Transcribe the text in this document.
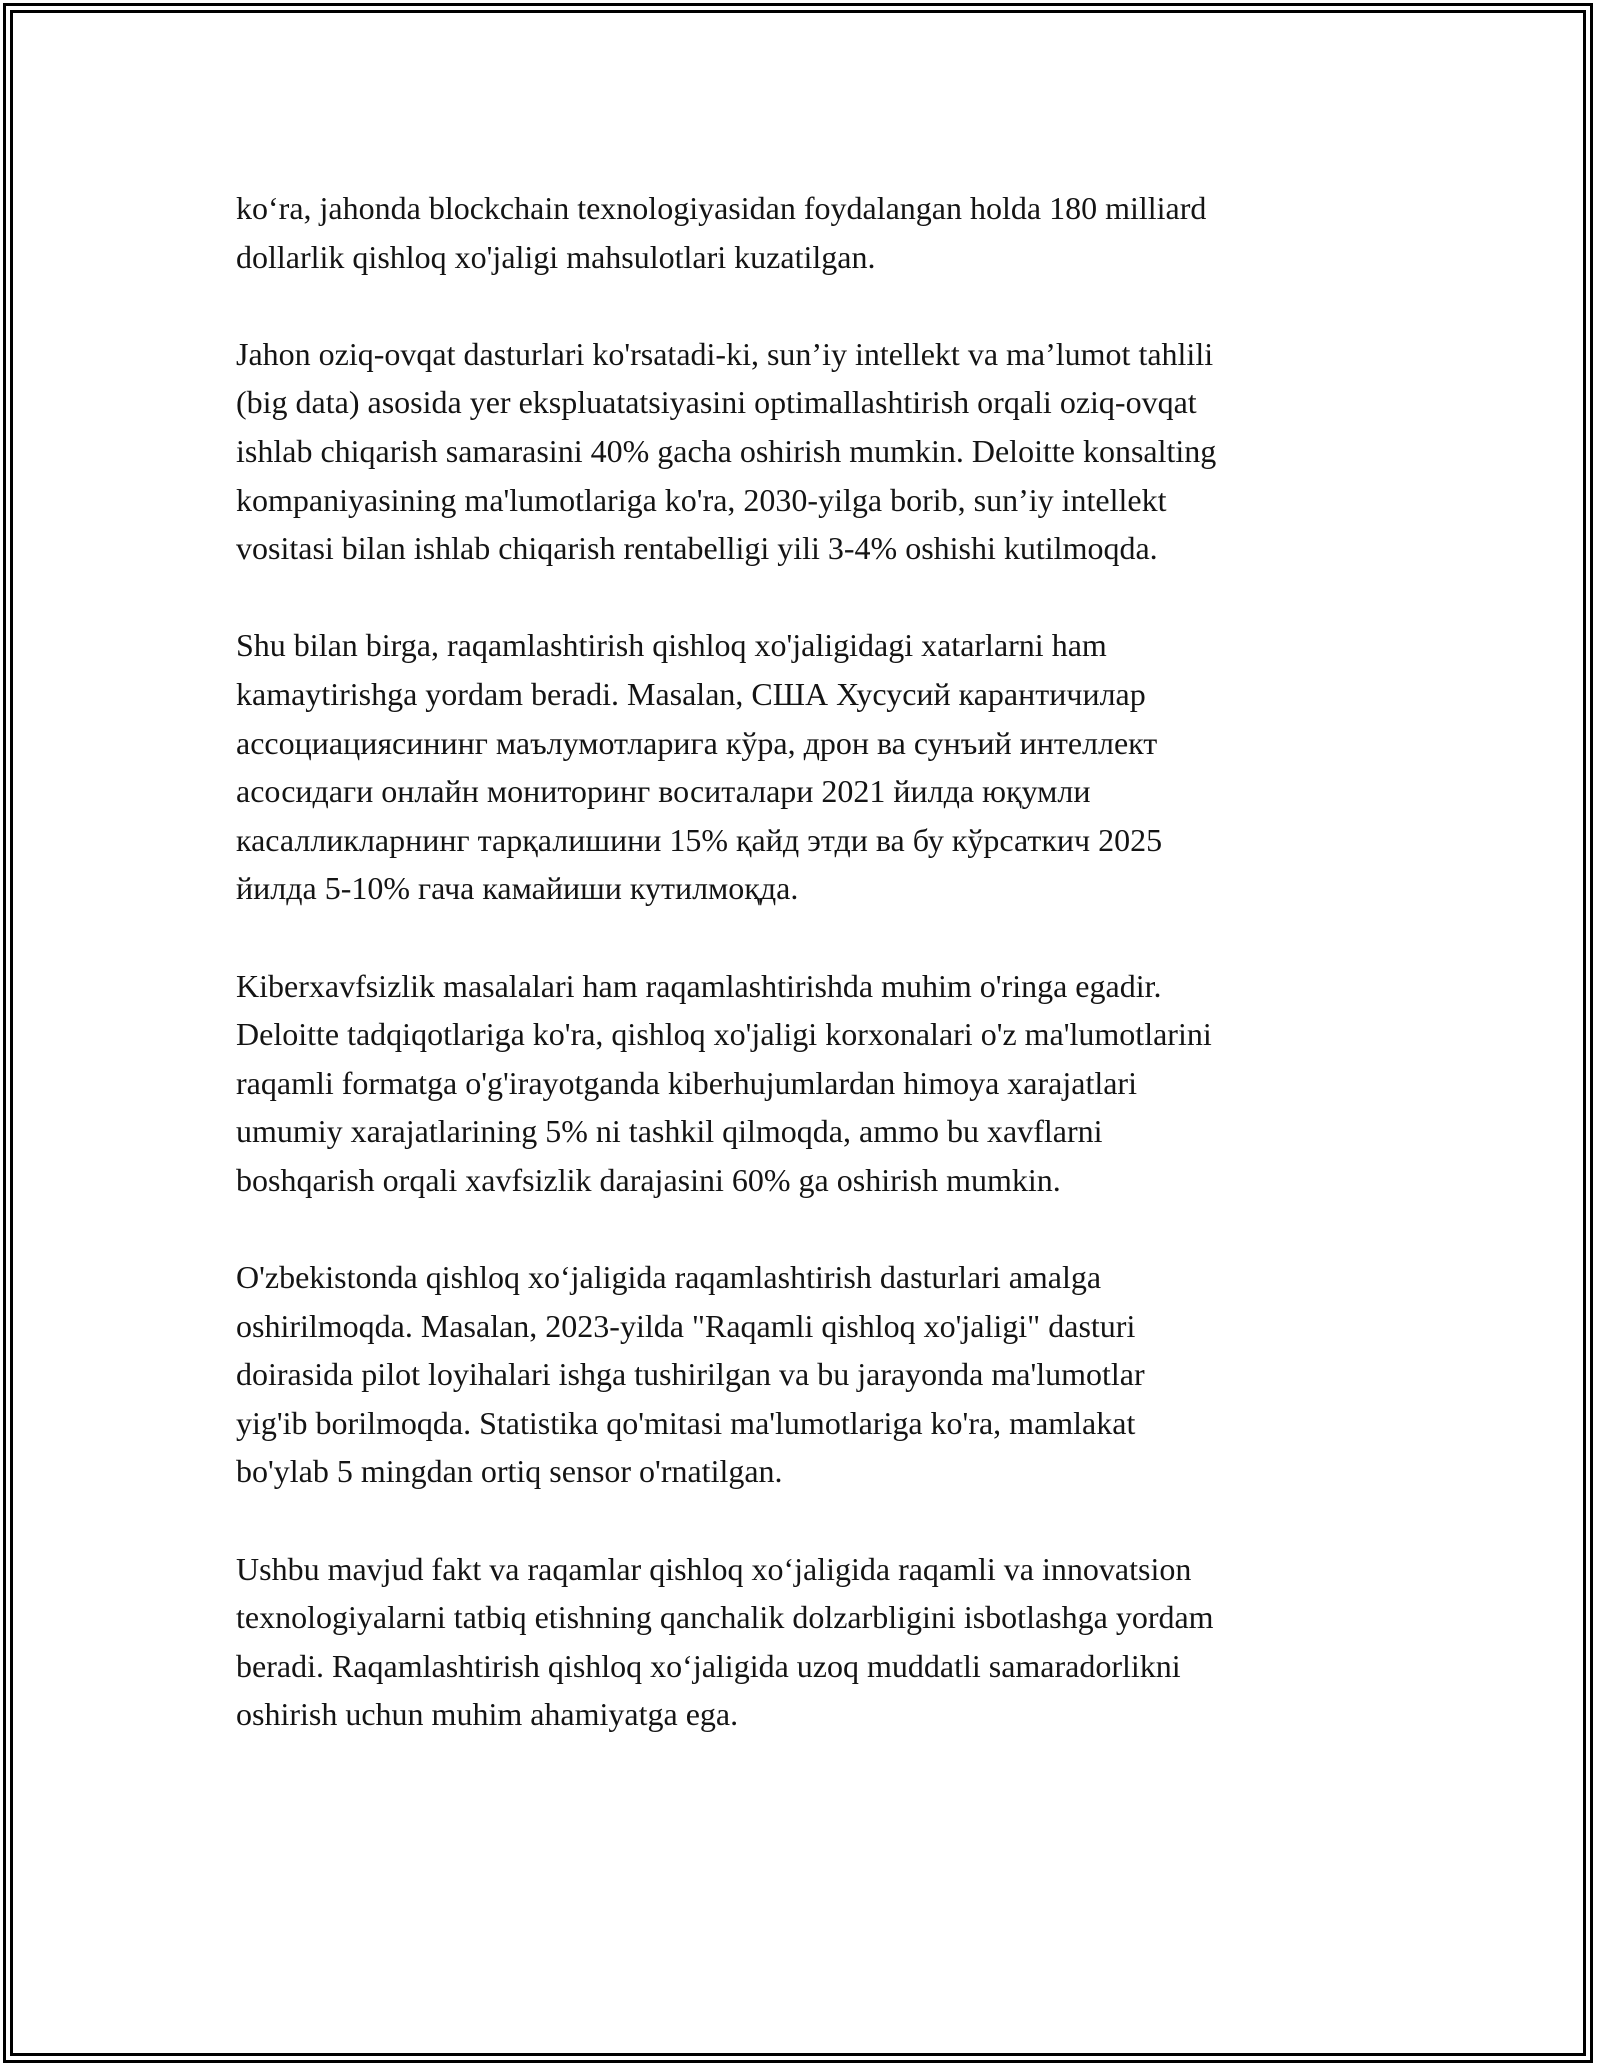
ko‘ra, jahonda blockchain texnologiyasidan foydalangan holda 180 milliard
dollarlik qishloq xo'jaligi mahsulotlari kuzatilgan.

Jahon oziq-ovqat dasturlari ko'rsatadi-ki, sun’iy intellekt va ma’lumot tahlili
(big data) asosida yer ekspluatatsiyasini optimallashtirish orqali oziq-ovqat
ishlab chiqarish samarasini 40% gacha oshirish mumkin. Deloitte konsalting
kompaniyasining ma'lumotlariga ko'ra, 2030-yilga borib, sun’iy intellekt
vositasi bilan ishlab chiqarish rentabelligi yili 3-4% oshishi kutilmoqda.

Shu bilan birga, raqamlashtirish qishloq xo'jaligidagi xatarlarni ham
kamaytirishga yordam beradi. Masalan, США Хусусий карантичилар
ассоциациясининг маълумотларига кўра, дрон ва сунъий интеллект
асосидаги онлайн мониторинг воситалари 2021 йилда юқумли
касалликларнинг тарқалишини 15% қайд этди ва бу кўрсаткич 2025
йилда 5-10% гача камайиши кутилмоқда.

Kiberxavfsizlik masalalari ham raqamlashtirishda muhim o'ringa egadir.
Deloitte tadqiqotlariga ko'ra, qishloq xo'jaligi korxonalari o'z ma'lumotlarini
raqamli formatga o'g'irayotganda kiberhujumlardan himoya xarajatlari
umumiy xarajatlarining 5% ni tashkil qilmoqda, ammo bu xavflarni
boshqarish orqali xavfsizlik darajasini 60% ga oshirish mumkin.

O'zbekistonda qishloq xo‘jaligida raqamlashtirish dasturlari amalga
oshirilmoqda. Masalan, 2023-yilda "Raqamli qishloq xo'jaligi" dasturi
doirasida pilot loyihalari ishga tushirilgan va bu jarayonda ma'lumotlar
yig'ib borilmoqda. Statistika qo'mitasi ma'lumotlariga ko'ra, mamlakat
bo'ylab 5 mingdan ortiq sensor o'rnatilgan.

Ushbu mavjud fakt va raqamlar qishloq xo‘jaligida raqamli va innovatsion
texnologiyalarni tatbiq etishning qanchalik dolzarbligini isbotlashga yordam
beradi. Raqamlashtirish qishloq xo‘jaligida uzoq muddatli samaradorlikni
oshirish uchun muhim ahamiyatga ega.
